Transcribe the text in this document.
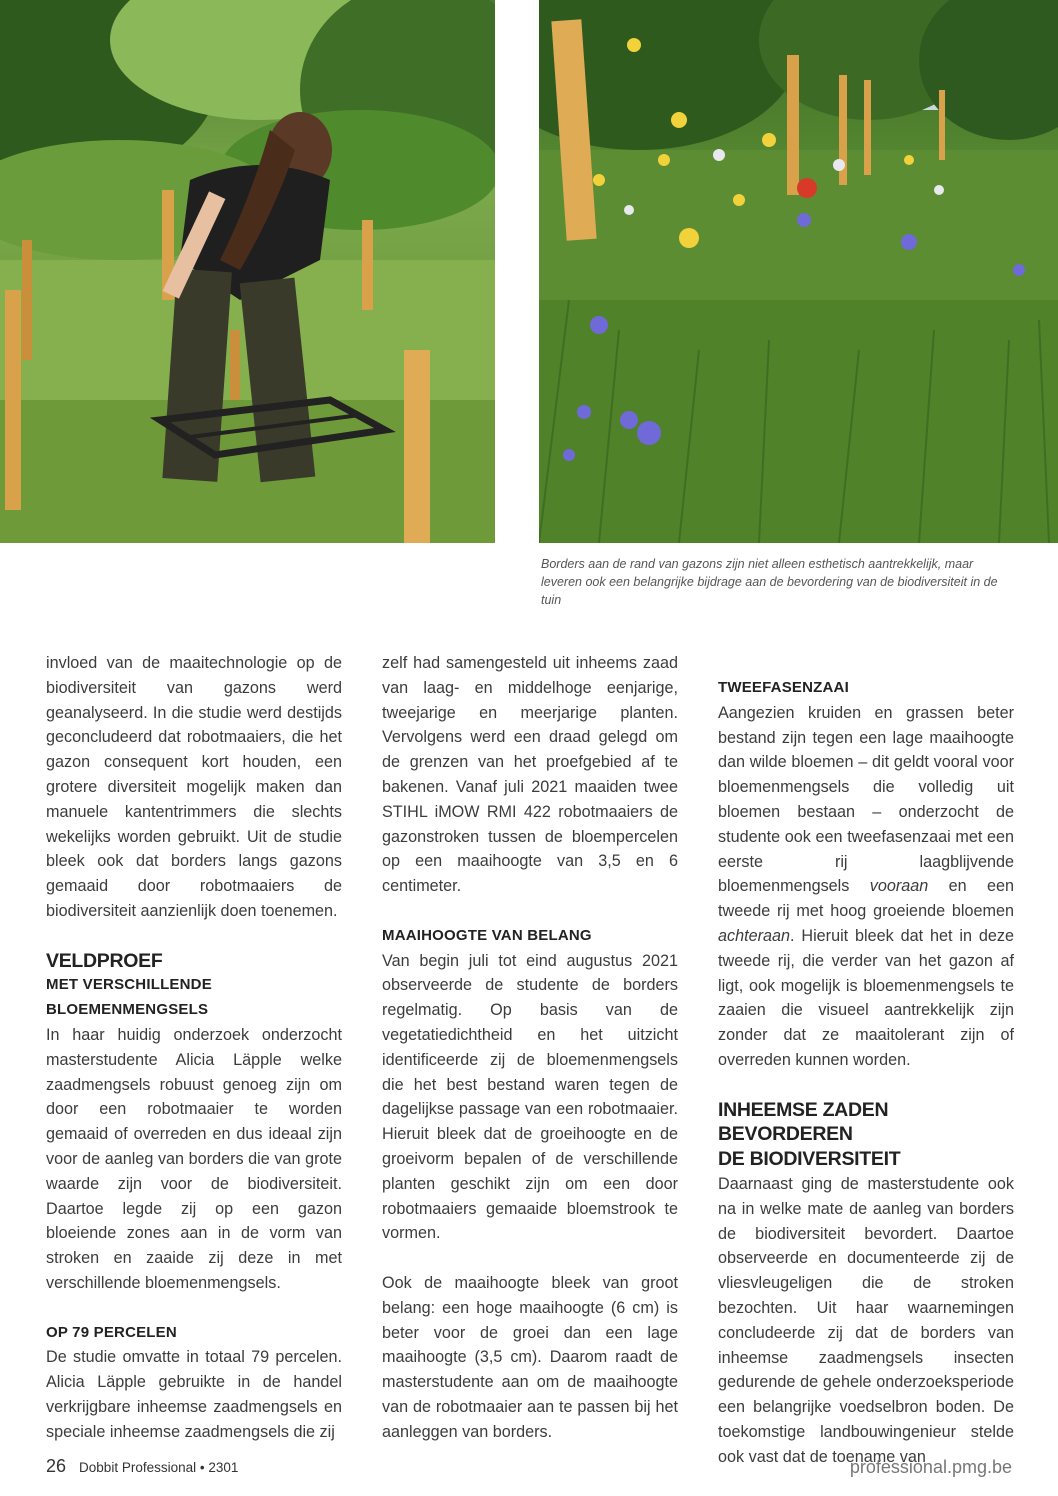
Borders aan de rand van gazons zijn niet alleen esthetisch aantrekkelijk, maar leveren ook een belangrijke bijdrage aan de bevordering van de biodiversiteit in de tuin

invloed van de maaitechnologie op de biodiversiteit van gazons werd geanalyseerd. In die studie werd destijds geconcludeerd dat robotmaaiers, die het gazon consequent kort houden, een grotere diversiteit mogelijk maken dan manuele kantentrimmers die slechts wekelijks worden gebruikt. Uit de studie bleek ook dat borders langs gazons gemaaid door robotmaaiers de biodiversiteit aanzienlijk doen toenemen.

VELDPROEF

MET VERSCHILLENDE

BLOEMENMENGSELS

In haar huidig onderzoek onderzocht masterstudente Alicia Läpple welke zaadmengsels robuust genoeg zijn om door een robotmaaier te worden gemaaid of overreden en dus ideaal zijn voor de aanleg van borders die van grote waarde zijn voor de biodiversiteit. Daartoe legde zij op een gazon bloeiende zones aan in de vorm van stroken en zaaide zij deze in met verschillende bloemenmengsels.

OP 79 PERCELEN

De studie omvatte in totaal 79 percelen. Alicia Läpple gebruikte in de handel verkrijgbare inheemse zaadmengsels en speciale inheemse zaadmengsels die zij

zelf had samengesteld uit inheems zaad van laag- en middelhoge eenjarige, tweejarige en meerjarige planten. Vervolgens werd een draad gelegd om de grenzen van het proefgebied af te bakenen. Vanaf juli 2021 maaiden twee STIHL iMOW RMI 422 robotmaaiers de gazonstroken tussen de bloempercelen op een maaihoogte van 3,5 en 6 centimeter.

MAAIHOOGTE VAN BELANG

Van begin juli tot eind augustus 2021 observeerde de studente de borders regelmatig. Op basis van de vegetatiedichtheid en het uitzicht identificeerde zij de bloemenmengsels die het best bestand waren tegen de dagelijkse passage van een robotmaaier. Hieruit bleek dat de groeihoogte en de groeivorm bepalen of de verschillende planten geschikt zijn om een door robotmaaiers gemaaide bloemstrook te vormen.

Ook de maaihoogte bleek van groot belang: een hoge maaihoogte (6 cm) is beter voor de groei dan een lage maaihoogte (3,5 cm). Daarom raadt de masterstudente aan om de maaihoogte van de robotmaaier aan te passen bij het aanleggen van borders.

TWEEFASENZAAI

Aangezien kruiden en grassen beter bestand zijn tegen een lage maaihoogte dan wilde bloemen – dit geldt vooral voor bloemenmengsels die volledig uit bloemen bestaan – onderzocht de studente ook een tweefasenzaai met een eerste rij laagblijvende bloemenmengsels vooraan en een tweede rij met hoog groeiende bloemen achteraan. Hieruit bleek dat het in deze tweede rij, die verder van het gazon af ligt, ook mogelijk is bloemenmengsels te zaaien die visueel aantrekkelijk zijn zonder dat ze maaitolerant zijn of overreden kunnen worden.

INHEEMSE ZADEN BEVORDEREN

DE BIODIVERSITEIT

Daarnaast ging de masterstudente ook na in welke mate de aanleg van borders de biodiversiteit bevordert. Daartoe observeerde en documenteerde zij de vliesvleugeligen die de stroken bezochten. Uit haar waarnemingen concludeerde zij dat de borders van inheemse zaadmengsels insecten gedurende de gehele onderzoeksperiode een belangrijke voedselbron boden. De toekomstige landbouwingenieur stelde ook vast dat de toename van

26 Dobbit Professional • 2301	professional.pmg.be
